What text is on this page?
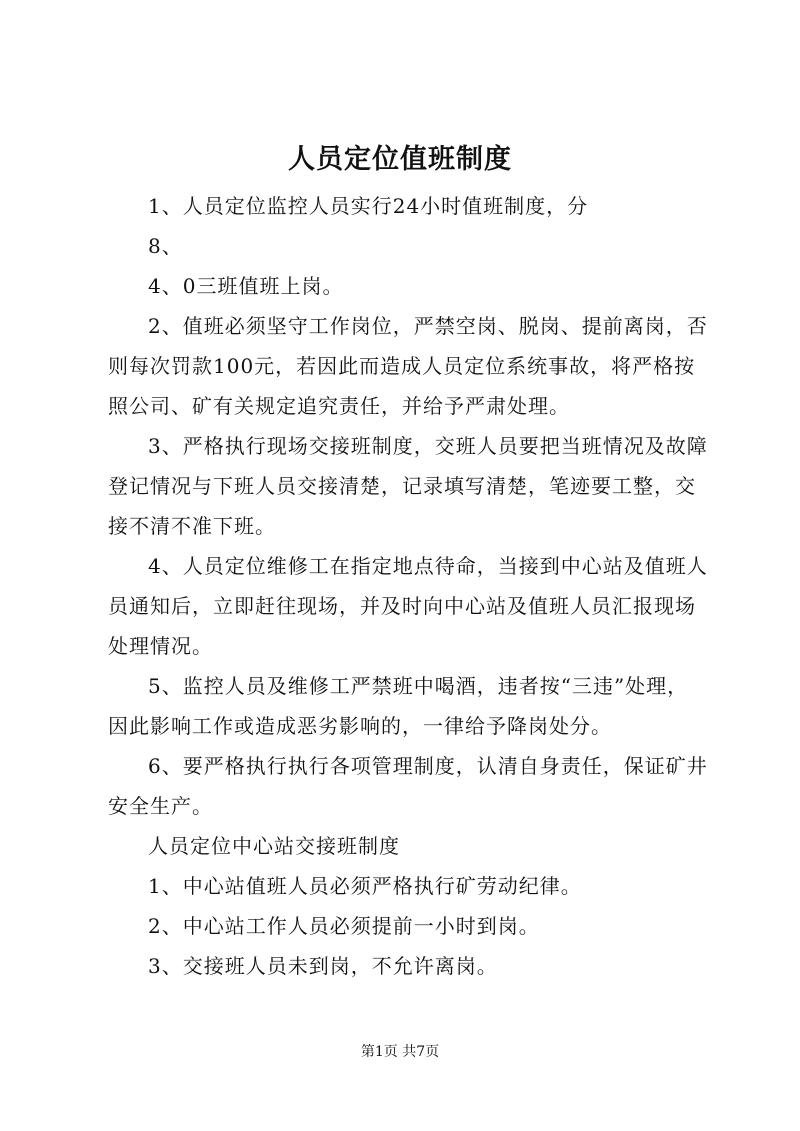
人员定位值班制度

1、人员定位监控人员实行24小时值班制度，分

8、

4、0三班值班上岗。

2、值班必须坚守工作岗位，严禁空岗、脱岗、提前离岗，否则每次罚款100元，若因此而造成人员定位系统事故，将严格按照公司、矿有关规定追究责任，并给予严肃处理。

3、严格执行现场交接班制度，交班人员要把当班情况及故障登记情况与下班人员交接清楚，记录填写清楚，笔迹要工整，交接不清不准下班。

4、人员定位维修工在指定地点待命，当接到中心站及值班人员通知后，立即赶往现场，并及时向中心站及值班人员汇报现场处理情况。

5、监控人员及维修工严禁班中喝酒，违者按“三违”处理，因此影响工作或造成恶劣影响的，一律给予降岗处分。

6、要严格执行执行各项管理制度，认清自身责任，保证矿井安全生产。

人员定位中心站交接班制度

1、中心站值班人员必须严格执行矿劳动纪律。

2、中心站工作人员必须提前一小时到岗。

3、交接班人员未到岗，不允许离岗。

第1页 共7页
